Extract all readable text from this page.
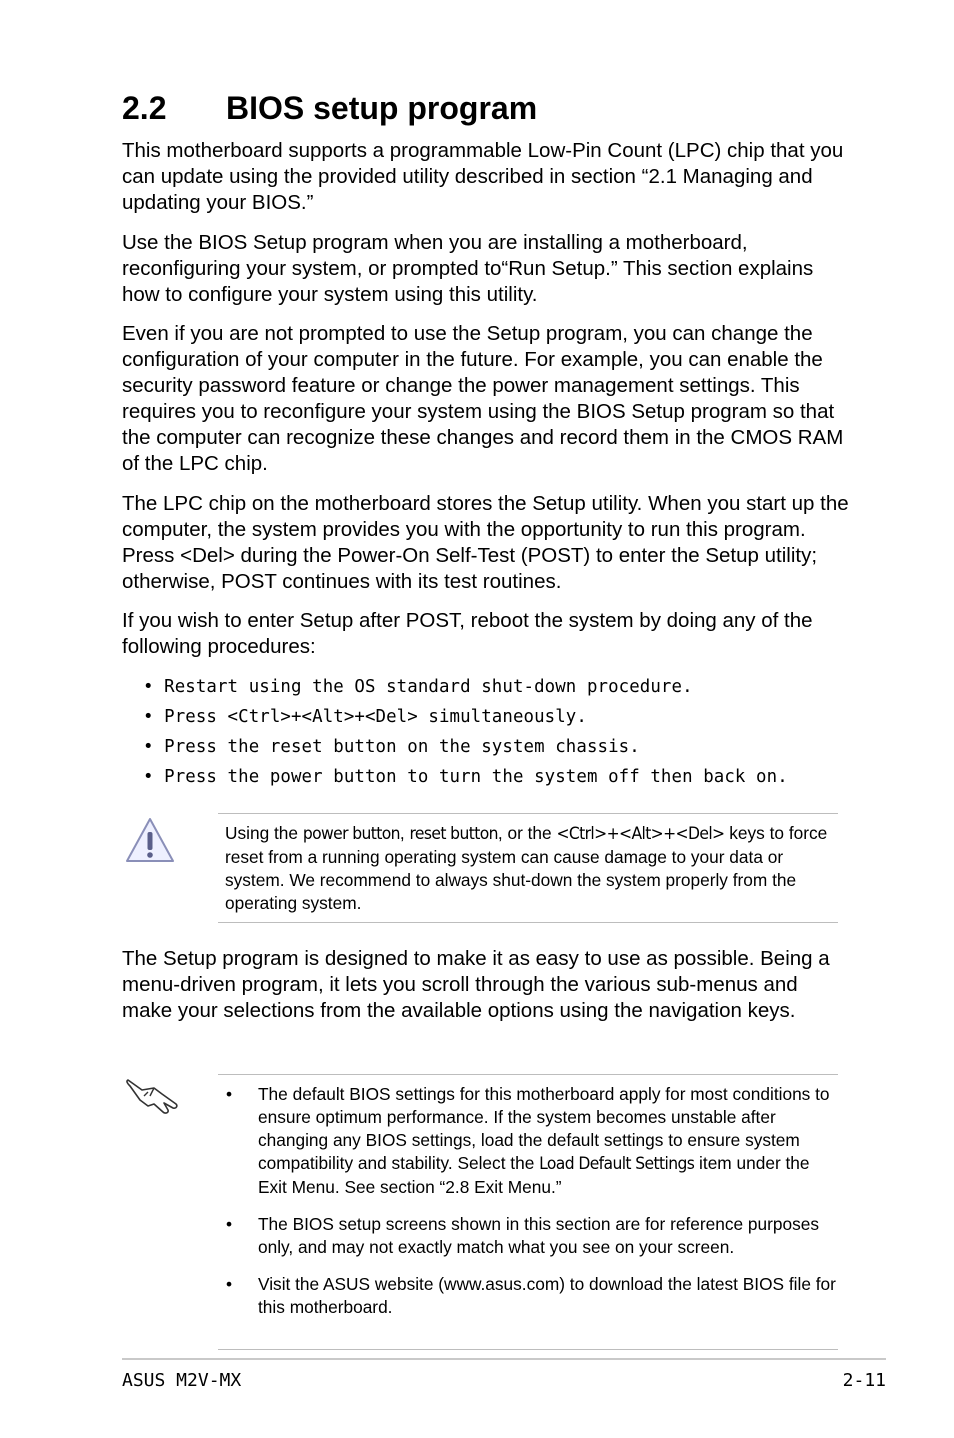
2.2 BIOS setup program

This motherboard supports a programmable Low-Pin Count (LPC) chip that you can update using the provided utility described in section “2.1 Managing and updating your BIOS.”

Use the BIOS Setup program when you are installing a motherboard, reconfiguring your system, or prompted to“Run Setup.” This section explains how to configure your system using this utility.

Even if you are not prompted to use the Setup program, you can change the configuration of your computer in the future. For example, you can enable the security password feature or change the power management settings. This requires you to reconfigure your system using the BIOS Setup program so that the computer can recognize these changes and record them in the CMOS RAM of the LPC chip.

The LPC chip on the motherboard stores the Setup utility. When you start up the computer, the system provides you with the opportunity to run this program. Press <Del> during the Power-On Self-Test (POST) to enter the Setup utility; otherwise, POST continues with its test routines.

If you wish to enter Setup after POST, reboot the system by doing any of the following procedures:

• Restart using the OS standard shut-down procedure.
• Press <Ctrl>+<Alt>+<Del> simultaneously.
• Press the reset button on the system chassis.
• Press the power button to turn the system off then back on.

Using the power button, reset button, or the <Ctrl>+<Alt>+<Del> keys to force reset from a running operating system can cause damage to your data or system. We recommend to always shut-down the system properly from the operating system.

The Setup program is designed to make it as easy to use as possible. Being a menu-driven program, it lets you scroll through the various sub-menus and make your selections from the available options using the navigation keys.

• The default BIOS settings for this motherboard apply for most conditions to ensure optimum performance. If the system becomes unstable after changing any BIOS settings, load the default settings to ensure system compatibility and stability. Select the Load Default Settings item under the Exit Menu. See section “2.8 Exit Menu.”
• The BIOS setup screens shown in this section are for reference purposes only, and may not exactly match what you see on your screen.
• Visit the ASUS website (www.asus.com) to download the latest BIOS file for this motherboard.
ASUS M2V-MX	2-11
